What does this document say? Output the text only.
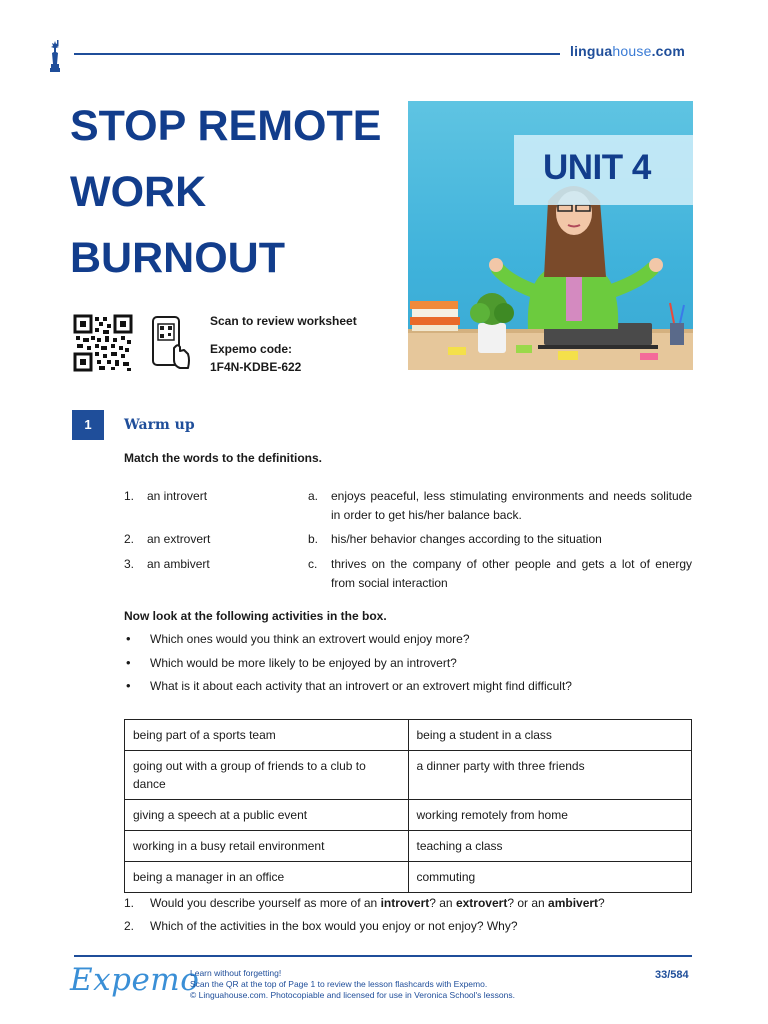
linguahouse.com
STOP REMOTE
WORK
BURNOUT
UNIT 4
Scan to review worksheet
Expemo code:
1F4N-KDBE-622
1	Warm up
Match the words to the definitions.
1. an introvert	a. enjoys peaceful, less stimulating environments and needs solitude in order to get his/her balance back.
2. an extrovert	b. his/her behavior changes according to the situation
3. an ambivert	c. thrives on the company of other people and gets a lot of energy from social interaction
Now look at the following activities in the box.
• Which ones would you think an extrovert would enjoy more?
• Which would be more likely to be enjoyed by an introvert?
• What is it about each activity that an introvert or an extrovert might find difficult?
being part of a sports team	being a student in a class
going out with a group of friends to a club to dance	a dinner party with three friends
giving a speech at a public event	working remotely from home
working in a busy retail environment	teaching a class
being a manager in an office	commuting
1. Would you describe yourself as more of an introvert? an extrovert? or an ambivert?
2. Which of the activities in the box would you enjoy or not enjoy? Why?
Expemo
Learn without forgetting!
Scan the QR at the top of Page 1 to review the lesson flashcards with Expemo.
© Linguahouse.com. Photocopiable and licensed for use in Veronica School's lessons.
33/584
